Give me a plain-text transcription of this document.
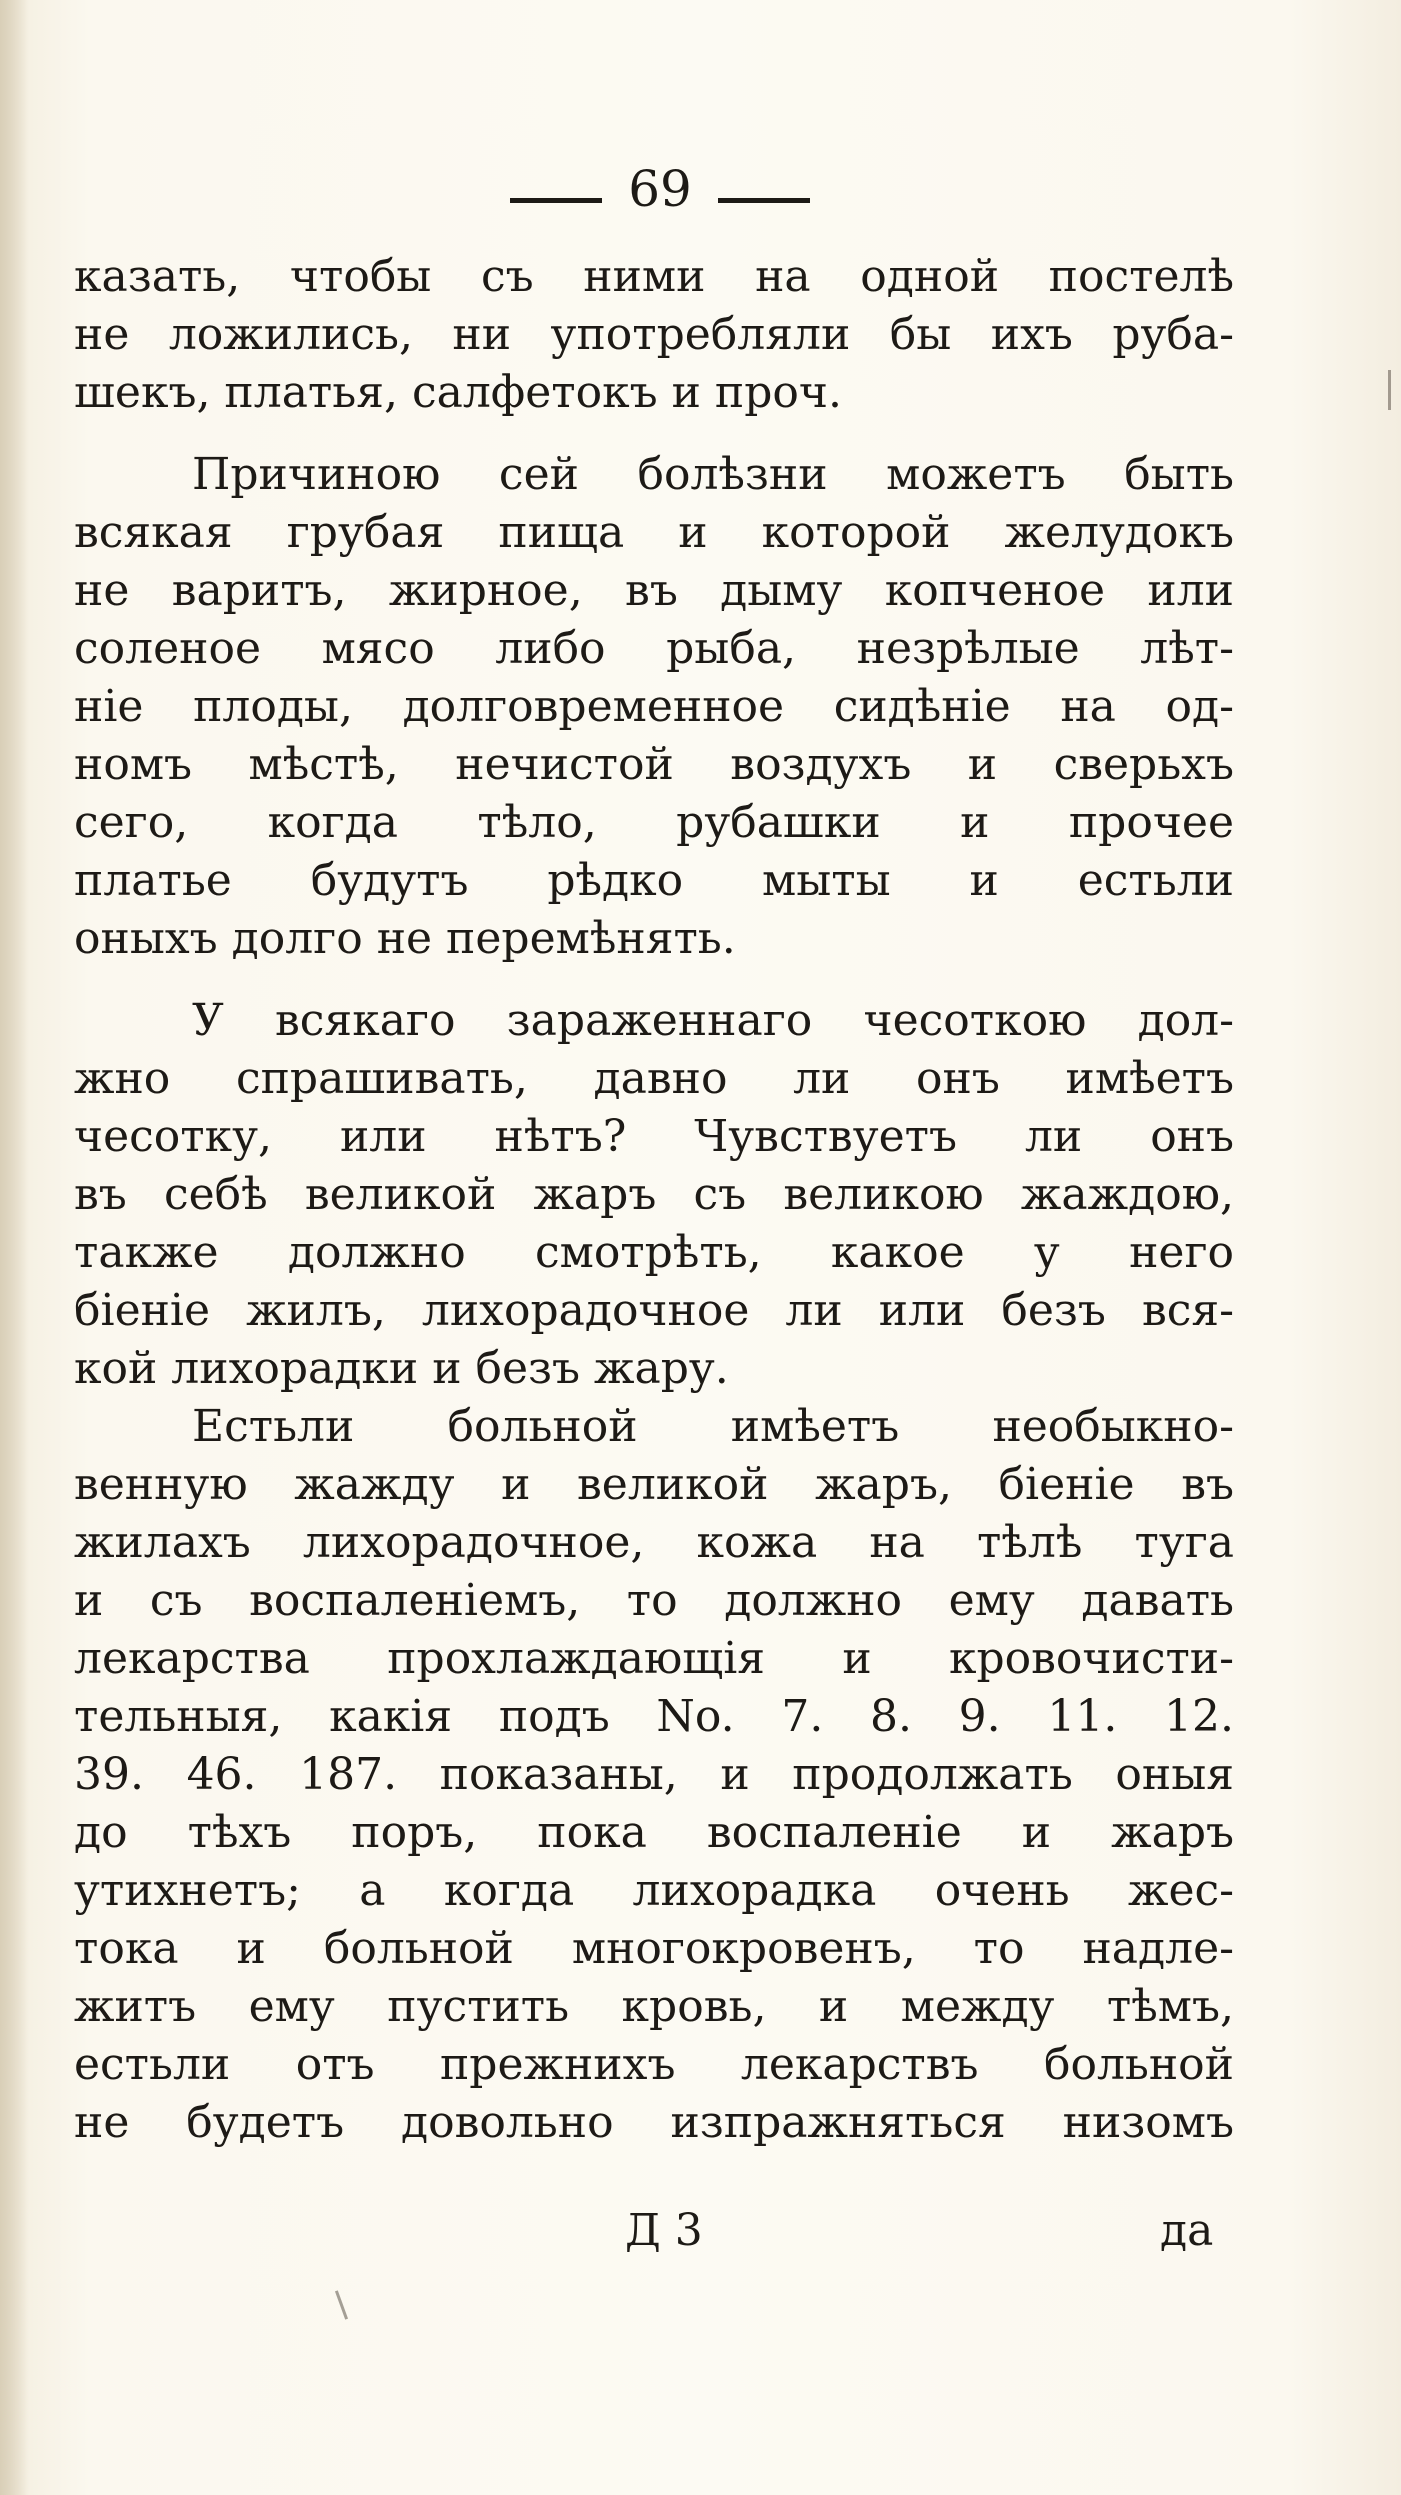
69
казать, чтобы съ ними на одной постелѣ
не ложились, ни употребляли бы ихъ руба-
шекъ, платья, салфетокъ и проч.
Причиною сей болѣзни можетъ быть
всякая грубая пища и которой желудокъ
не варитъ, жирное, въ дыму копченое или
соленое мясо либо рыба, незрѣлые лѣт-
ніе плоды, долговременное сидѣніе на од-
номъ мѣстѣ, нечистой воздухъ и сверьхъ
сего, когда тѣло, рубашки и прочее
платье будутъ рѣдко мыты и естьли
оныхъ долго не перемѣнять.
У всякаго зараженнаго чесоткою дол-
жно спрашивать, давно ли онъ имѣетъ
чесотку, или нѣтъ? Чувствуетъ ли онъ
въ себѣ великой жаръ съ великою жаждою,
также должно смотрѣть, какое у него
біеніе жилъ, лихорадочное ли или безъ вся-
кой лихорадки и безъ жару.
Естьли больной имѣетъ необыкно-
венную жажду и великой жаръ, біеніе въ
жилахъ лихорадочное, кожа на тѣлѣ туга
и съ воспаленіемъ, то должно ему давать
лекарства прохлаждающія и кровочисти-
тельныя, какія подъ No. 7. 8. 9. 11. 12.
39. 46. 187. показаны, и продолжать оныя
до тѣхъ поръ, пока воспаленіе и жаръ
утихнетъ; а когда лихорадка очень жес-
тока и больной многокровенъ, то надле-
житъ ему пустить кровь, и между тѣмъ,
естьли отъ прежнихъ лекарствъ больной
не будетъ довольно изпражняться низомъ
Д 3	да
